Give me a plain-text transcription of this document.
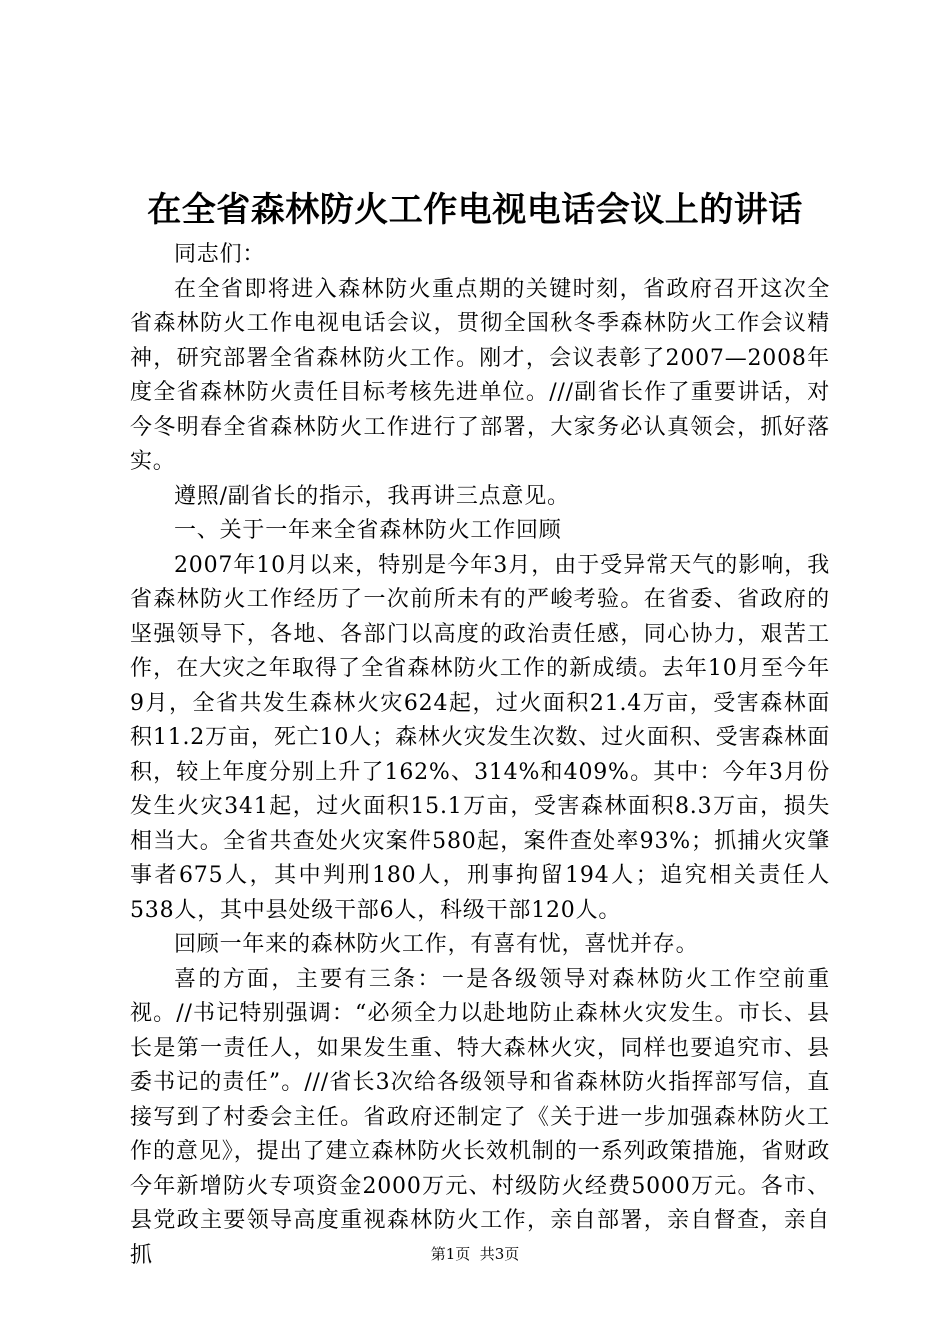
在全省森林防火工作电视电话会议上的讲话

同志们：

在全省即将进入森林防火重点期的关键时刻，省政府召开这次全省森林防火工作电视电话会议，贯彻全国秋冬季森林防火工作会议精神，研究部署全省森林防火工作。刚才，会议表彰了2007—2008年度全省森林防火责任目标考核先进单位。///副省长作了重要讲话，对今冬明春全省森林防火工作进行了部署，大家务必认真领会，抓好落实。

遵照/副省长的指示，我再讲三点意见。

一、关于一年来全省森林防火工作回顾

2007年10月以来，特别是今年3月，由于受异常天气的影响，我省森林防火工作经历了一次前所未有的严峻考验。在省委、省政府的坚强领导下，各地、各部门以高度的政治责任感，同心协力，艰苦工作，在大灾之年取得了全省森林防火工作的新成绩。去年10月至今年9月，全省共发生森林火灾624起，过火面积21.4万亩，受害森林面积11.2万亩，死亡10人；森林火灾发生次数、过火面积、受害森林面积，较上年度分别上升了162%、314%和409%。其中：今年3月份发生火灾341起，过火面积15.1万亩，受害森林面积8.3万亩，损失相当大。全省共查处火灾案件580起，案件查处率93%；抓捕火灾肇事者675人，其中判刑180人，刑事拘留194人；追究相关责任人538人，其中县处级干部6人，科级干部120人。

回顾一年来的森林防火工作，有喜有忧，喜忧并存。

喜的方面，主要有三条：一是各级领导对森林防火工作空前重视。//书记特别强调：“必须全力以赴地防止森林火灾发生。市长、县长是第一责任人，如果发生重、特大森林火灾，同样也要追究市、县委书记的责任”。///省长3次给各级领导和省森林防火指挥部写信，直接写到了村委会主任。省政府还制定了《关于进一步加强森林防火工作的意见》，提出了建立森林防火长效机制的一系列政策措施，省财政今年新增防火专项资金2000万元、村级防火经费5000万元。各市、县党政主要领导高度重视森林防火工作，亲自部署，亲自督查，亲自抓	第1页  共3页
